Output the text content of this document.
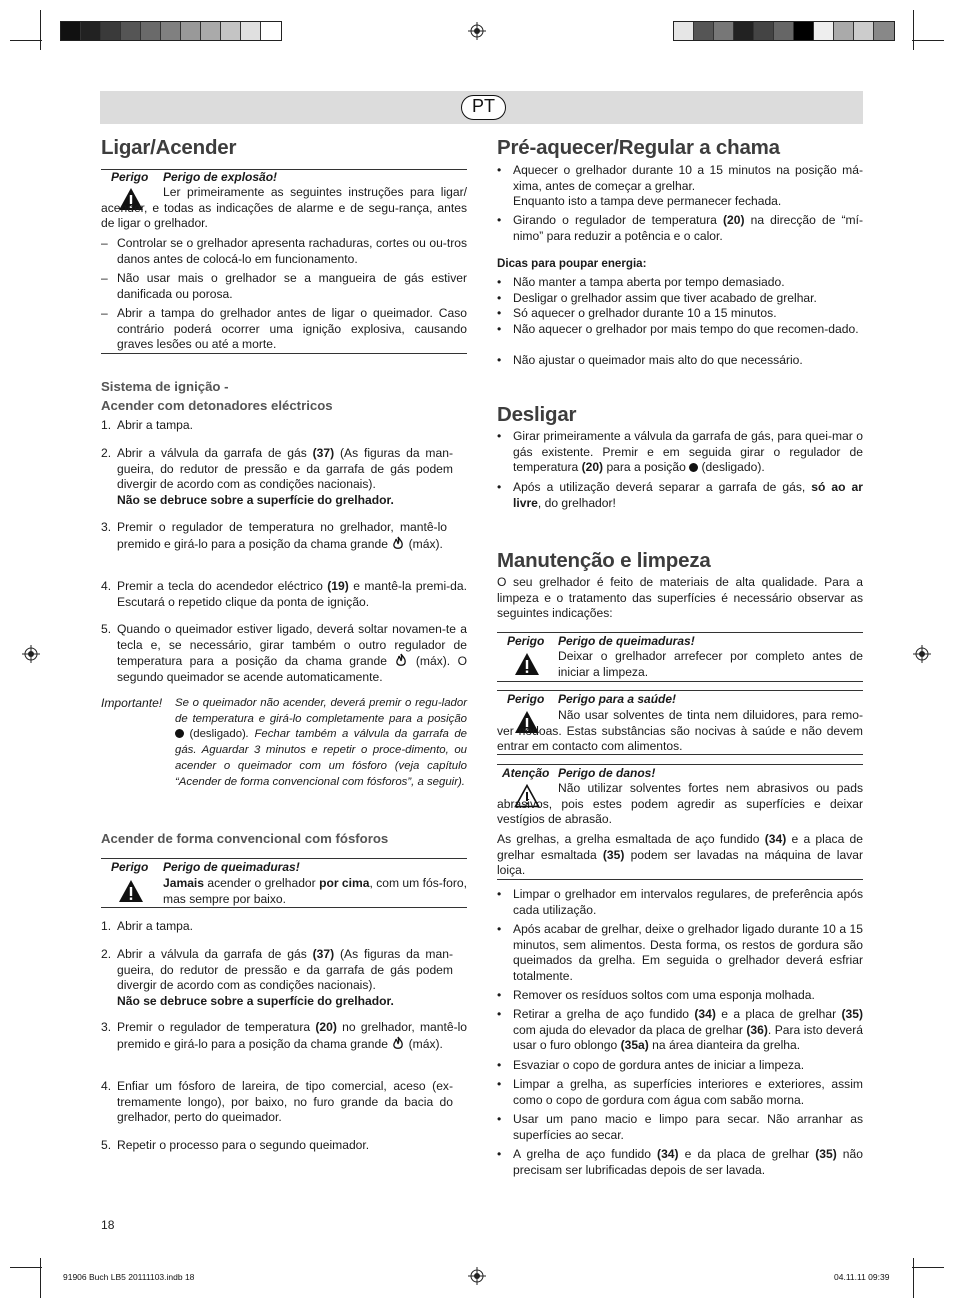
PT
Ligar/Acender
Perigo Perigo de explosão!
Ler primeiramente as seguintes instruções para ligar/ acender, e todas as indicações de alarme e de segu-rança, antes de ligar o grelhador.
– Controlar se o grelhador apresenta rachaduras, cortes ou ou-tros danos antes de colocá-lo em funcionamento.
– Não usar mais o grelhador se a mangueira de gás estiver danificada ou porosa.
– Abrir a tampa do grelhador antes de ligar o queimador. Caso contrário poderá ocorrer uma ignição explosiva, causando graves lesões ou até a morte.
Sistema de ignição -
Acender com detonadores eléctricos
1. Abrir a tampa.
2. Abrir a válvula da garrafa de gás (37) (As figuras da man-gueira, do redutor de pressão e da garrafa de gás podem divergir de acordo com as condições nacionais).
Não se debruce sobre a superfície do grelhador.
3. Premir o regulador de temperatura no grelhador, mantê-lo premido e girá-lo para a posição da chama grande  (máx).
4. Premir a tecla do acendedor eléctrico (19) e mantê-la premi-da. Escutará o repetido clique da ponta de ignição.
5. Quando o queimador estiver ligado, deverá soltar novamen-te a tecla e, se necessário, girar também o outro regulador de temperatura para a posição da chama grande  (máx). O segundo queimador se acende automaticamente.
Importante! Se o queimador não acender, deverá premir o regu-lador de temperatura e girá-lo completamente para a posição  (desligado). Fechar também a válvula da garrafa de gás. Aguardar 3 minutos e repetir o proce-dimento, ou acender o queimador com um fósforo (veja capítulo “Acender de forma convencional com fósforos”, a seguir).
Acender de forma convencional com fósforos
Perigo Perigo de queimaduras!
Jamais acender o grelhador por cima, com um fós-foro, mas sempre por baixo.
1. Abrir a tampa.
2. Abrir a válvula da garrafa de gás (37) (As figuras da man-gueira, do redutor de pressão e da garrafa de gás podem divergir de acordo com as condições nacionais).
Não se debruce sobre a superfície do grelhador.
3. Premir o regulador de temperatura (20) no grelhador, mantê-lo premido e girá-lo para a posição da chama grande  (máx).
4. Enfiar um fósforo de lareira, de tipo comercial, aceso (ex-tremamente longo), por baixo, no furo grande da bacia do grelhador, perto do queimador.
5. Repetir o processo para o segundo queimador.
18
Pré-aquecer/Regular a chama
• Aquecer o grelhador durante 10 a 15 minutos na posição má-xima, antes de começar a grelhar.
Enquanto isto a tampa deve permanecer fechada.
• Girando o regulador de temperatura (20) na direcção de “mí-nimo” para reduzir a potência e o calor.
Dicas para poupar energia:
• Não manter a tampa aberta por tempo demasiado.
• Desligar o grelhador assim que tiver acabado de grelhar.
• Só aquecer o grelhador durante 10 a 15 minutos.
• Não aquecer o grelhador por mais tempo do que recomen-dado.
• Não ajustar o queimador mais alto do que necessário.
Desligar
• Girar primeiramente a válvula da garrafa de gás, para quei-mar o gás existente. Premir e em seguida girar o regulador de temperatura (20) para a posição  (desligado).
• Após a utilização deverá separar a garrafa de gás, só ao ar livre, do grelhador!
Manutenção e limpeza
O seu grelhador é feito de materiais de alta qualidade. Para a limpeza e o tratamento das superfícies é necessário observar as seguintes indicações:
Perigo Perigo de queimaduras!
Deixar o grelhador arrefecer por completo antes de iniciar a limpeza.
Perigo Perigo para a saúde!
Não usar solventes de tinta nem diluidores, para remo-ver nódoas. Estas substâncias são nocivas à saúde e não devem entrar em contacto com alimentos.
Atenção Perigo de danos!
Não utilizar solventes fortes nem abrasivos ou pads abrasivos, pois estes podem agredir as superfícies e deixar vestígios de abrasão.
As grelhas, a grelha esmaltada de aço fundido (34) e a placa de grelhar esmaltada (35) podem ser lavadas na máquina de lavar loiça.
• Limpar o grelhador em intervalos regulares, de preferência após cada utilização.
• Após acabar de grelhar, deixe o grelhador ligado durante 10 a 15 minutos, sem alimentos. Desta forma, os restos de gordura são queimados da grelha. Em seguida o grelhador deverá esfriar totalmente.
• Remover os resíduos soltos com uma esponja molhada.
• Retirar a grelha de aço fundido (34) e a placa de grelhar (35) com ajuda do elevador da placa de grelhar (36). Para isto deverá usar o furo oblongo (35a) na área dianteira da grelha.
• Esvaziar o copo de gordura antes de iniciar a limpeza.
• Limpar a grelha, as superfícies interiores e exteriores, assim como o copo de gordura com água com sabão morna.
• Usar um pano macio e limpo para secar. Não arranhar as superfícies ao secar.
• A grelha de aço fundido (34) e da placa de grelhar (35) não precisam ser lubrificadas depois de ser lavada.
91906 Buch LB5 20111103.indb 18	04.11.11 09:39
